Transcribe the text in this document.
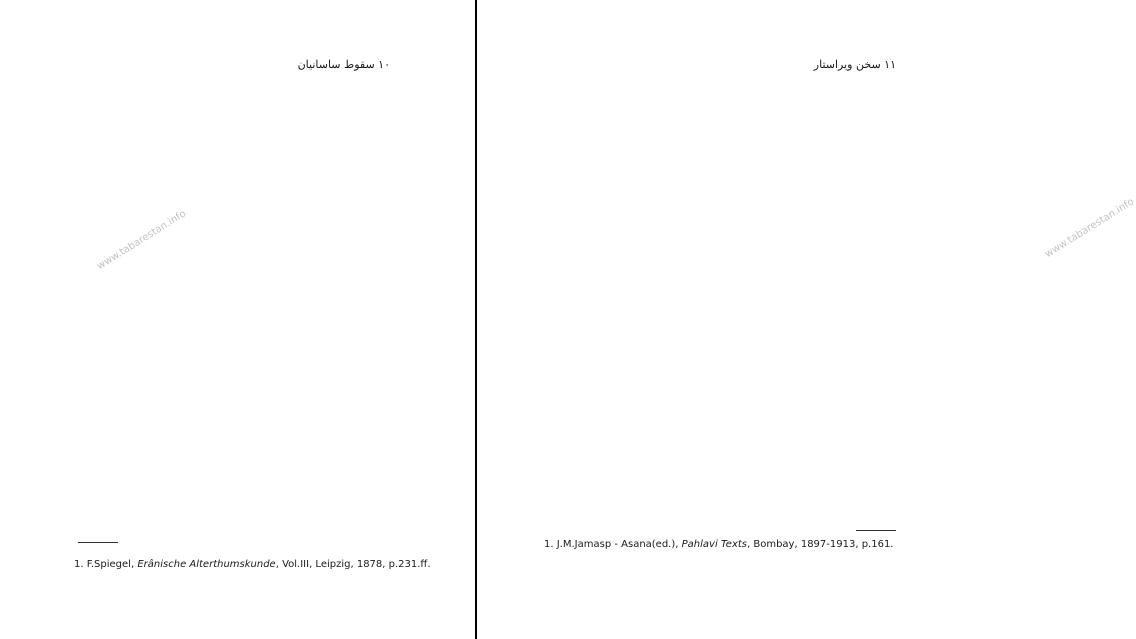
۱۰ سقوط ساسانیان

1. F.Spiegel, Erânische Alterthumskunde, Vol.III, Leipzig, 1878, p.231.ff.
www.tabarestan.info
۱۱ سخن ویراستار

1. J.M.Jamasp - Asana(ed.), Pahlavi Texts, Bombay, 1897-1913, p.161.
www.tabarestan.info
